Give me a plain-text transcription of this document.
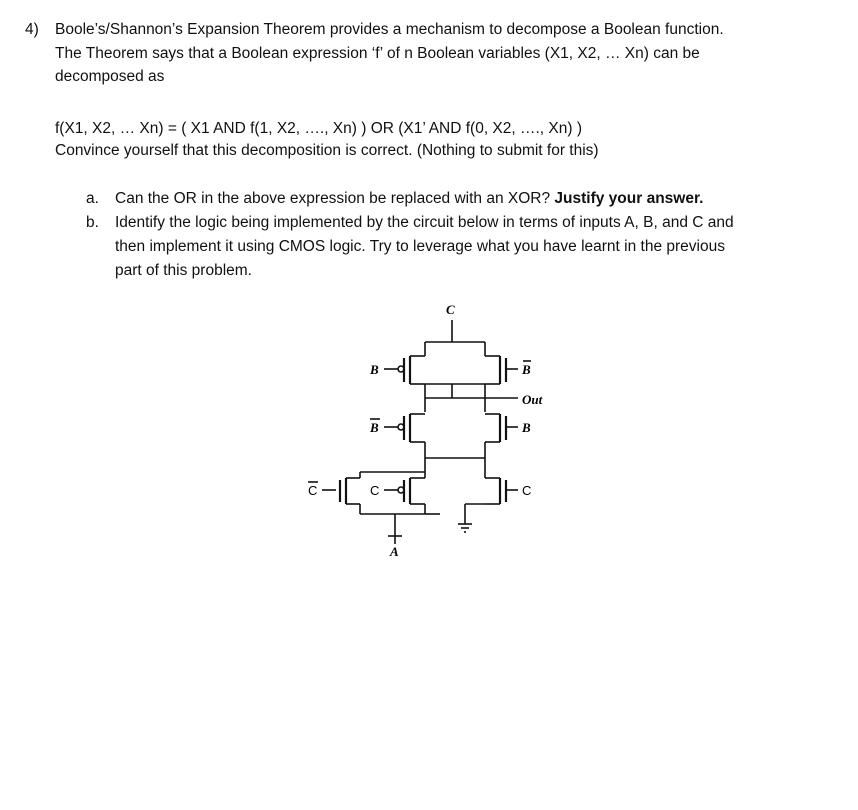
4) Boole’s/Shannon’s Expansion Theorem provides a mechanism to decompose a Boolean function.
The Theorem says that a Boolean expression ‘f’ of n Boolean variables (X1, X2, … Xn) can be
decomposed as
f(X1, X2, … Xn) = ( X1 AND f(1, X2, …., Xn) ) OR (X1’ AND f(0, X2, …., Xn) )
Convince yourself that this decomposition is correct. (Nothing to submit for this)
a. Can the OR in the above expression be replaced with an XOR? Justify your answer.
b. Identify the logic being implemented by the circuit below in terms of inputs A, B, and C and
then implement it using CMOS logic. Try to leverage what you have learnt in the previous
part of this problem.
C
B	B
Out
B	B
C	C
A
C
